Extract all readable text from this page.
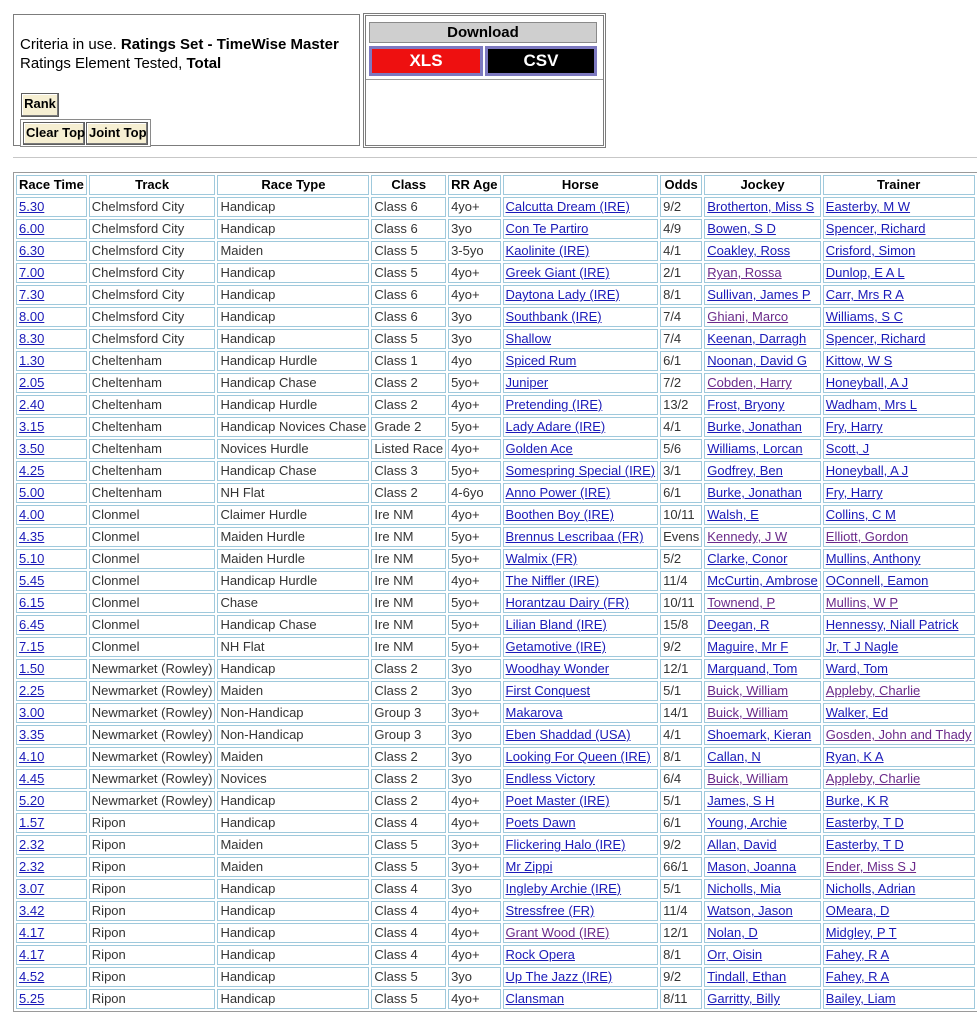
Criteria in use. Ratings Set - TimeWise Master
Ratings Element Tested, Total
Rank
Clear Top Joint Top
Download
XLS	CSV
Race Time	Track	Race Type	Class	RR Age	Horse	Odds	Jockey	Trainer	
5.30	Chelmsford City	Handicap	Class 6	4yo+	Calcutta Dream (IRE)	9/2	Brotherton, Miss S	Easterby, M W	
6.00	Chelmsford City	Handicap	Class 6	3yo	Con Te Partiro	4/9	Bowen, S D	Spencer, Richard	
6.30	Chelmsford City	Maiden	Class 5	3-5yo	Kaolinite (IRE)	4/1	Coakley, Ross	Crisford, Simon	
7.00	Chelmsford City	Handicap	Class 5	4yo+	Greek Giant (IRE)	2/1	Ryan, Rossa	Dunlop, E A L	
7.30	Chelmsford City	Handicap	Class 6	4yo+	Daytona Lady (IRE)	8/1	Sullivan, James P	Carr, Mrs R A	
8.00	Chelmsford City	Handicap	Class 6	3yo	Southbank (IRE)	7/4	Ghiani, Marco	Williams, S C	
8.30	Chelmsford City	Handicap	Class 5	3yo	Shallow	7/4	Keenan, Darragh	Spencer, Richard	
1.30	Cheltenham	Handicap Hurdle	Class 1	4yo	Spiced Rum	6/1	Noonan, David G	Kittow, W S	
2.05	Cheltenham	Handicap Chase	Class 2	5yo+	Juniper	7/2	Cobden, Harry	Honeyball, A J	
2.40	Cheltenham	Handicap Hurdle	Class 2	4yo+	Pretending (IRE)	13/2	Frost, Bryony	Wadham, Mrs L	
3.15	Cheltenham	Handicap Novices Chase	Grade 2	5yo+	Lady Adare (IRE)	4/1	Burke, Jonathan	Fry, Harry	
3.50	Cheltenham	Novices Hurdle	Listed Race	4yo+	Golden Ace	5/6	Williams, Lorcan	Scott, J	
4.25	Cheltenham	Handicap Chase	Class 3	5yo+	Somespring Special (IRE)	3/1	Godfrey, Ben	Honeyball, A J	
5.00	Cheltenham	NH Flat	Class 2	4-6yo	Anno Power (IRE)	6/1	Burke, Jonathan	Fry, Harry	
4.00	Clonmel	Claimer Hurdle	Ire NM	4yo+	Boothen Boy (IRE)	10/11	Walsh, E	Collins, C M	
4.35	Clonmel	Maiden Hurdle	Ire NM	5yo+	Brennus Lescribaa (FR)	Evens	Kennedy, J W	Elliott, Gordon	
5.10	Clonmel	Maiden Hurdle	Ire NM	5yo+	Walmix (FR)	5/2	Clarke, Conor	Mullins, Anthony	
5.45	Clonmel	Handicap Hurdle	Ire NM	4yo+	The Niffler (IRE)	11/4	McCurtin, Ambrose	OConnell, Eamon	
6.15	Clonmel	Chase	Ire NM	5yo+	Horantzau Dairy (FR)	10/11	Townend, P	Mullins, W P	
6.45	Clonmel	Handicap Chase	Ire NM	5yo+	Lilian Bland (IRE)	15/8	Deegan, R	Hennessy, Niall Patrick	
7.15	Clonmel	NH Flat	Ire NM	5yo+	Getamotive (IRE)	9/2	Maguire, Mr F	Jr, T J Nagle	
1.50	Newmarket (Rowley)	Handicap	Class 2	3yo	Woodhay Wonder	12/1	Marquand, Tom	Ward, Tom	
2.25	Newmarket (Rowley)	Maiden	Class 2	3yo	First Conquest	5/1	Buick, William	Appleby, Charlie	
3.00	Newmarket (Rowley)	Non-Handicap	Group 3	3yo+	Makarova	14/1	Buick, William	Walker, Ed	
3.35	Newmarket (Rowley)	Non-Handicap	Group 3	3yo	Eben Shaddad (USA)	4/1	Shoemark, Kieran	Gosden, John and Thady	
4.10	Newmarket (Rowley)	Maiden	Class 2	3yo	Looking For Queen (IRE)	8/1	Callan, N	Ryan, K A	
4.45	Newmarket (Rowley)	Novices	Class 2	3yo	Endless Victory	6/4	Buick, William	Appleby, Charlie	
5.20	Newmarket (Rowley)	Handicap	Class 2	4yo+	Poet Master (IRE)	5/1	James, S H	Burke, K R	
1.57	Ripon	Handicap	Class 4	4yo+	Poets Dawn	6/1	Young, Archie	Easterby, T D	
2.32	Ripon	Maiden	Class 5	3yo+	Flickering Halo (IRE)	9/2	Allan, David	Easterby, T D	
2.32	Ripon	Maiden	Class 5	3yo+	Mr Zippi	66/1	Mason, Joanna	Ender, Miss S J	
3.07	Ripon	Handicap	Class 4	3yo	Ingleby Archie (IRE)	5/1	Nicholls, Mia	Nicholls, Adrian	
3.42	Ripon	Handicap	Class 4	4yo+	Stressfree (FR)	11/4	Watson, Jason	OMeara, D	
4.17	Ripon	Handicap	Class 4	4yo+	Grant Wood (IRE)	12/1	Nolan, D	Midgley, P T	
4.17	Ripon	Handicap	Class 4	4yo+	Rock Opera	8/1	Orr, Oisin	Fahey, R A	
4.52	Ripon	Handicap	Class 5	3yo	Up The Jazz (IRE)	9/2	Tindall, Ethan	Fahey, R A	
5.25	Ripon	Handicap	Class 5	4yo+	Clansman	8/11	Garritty, Billy	Bailey, Liam	
